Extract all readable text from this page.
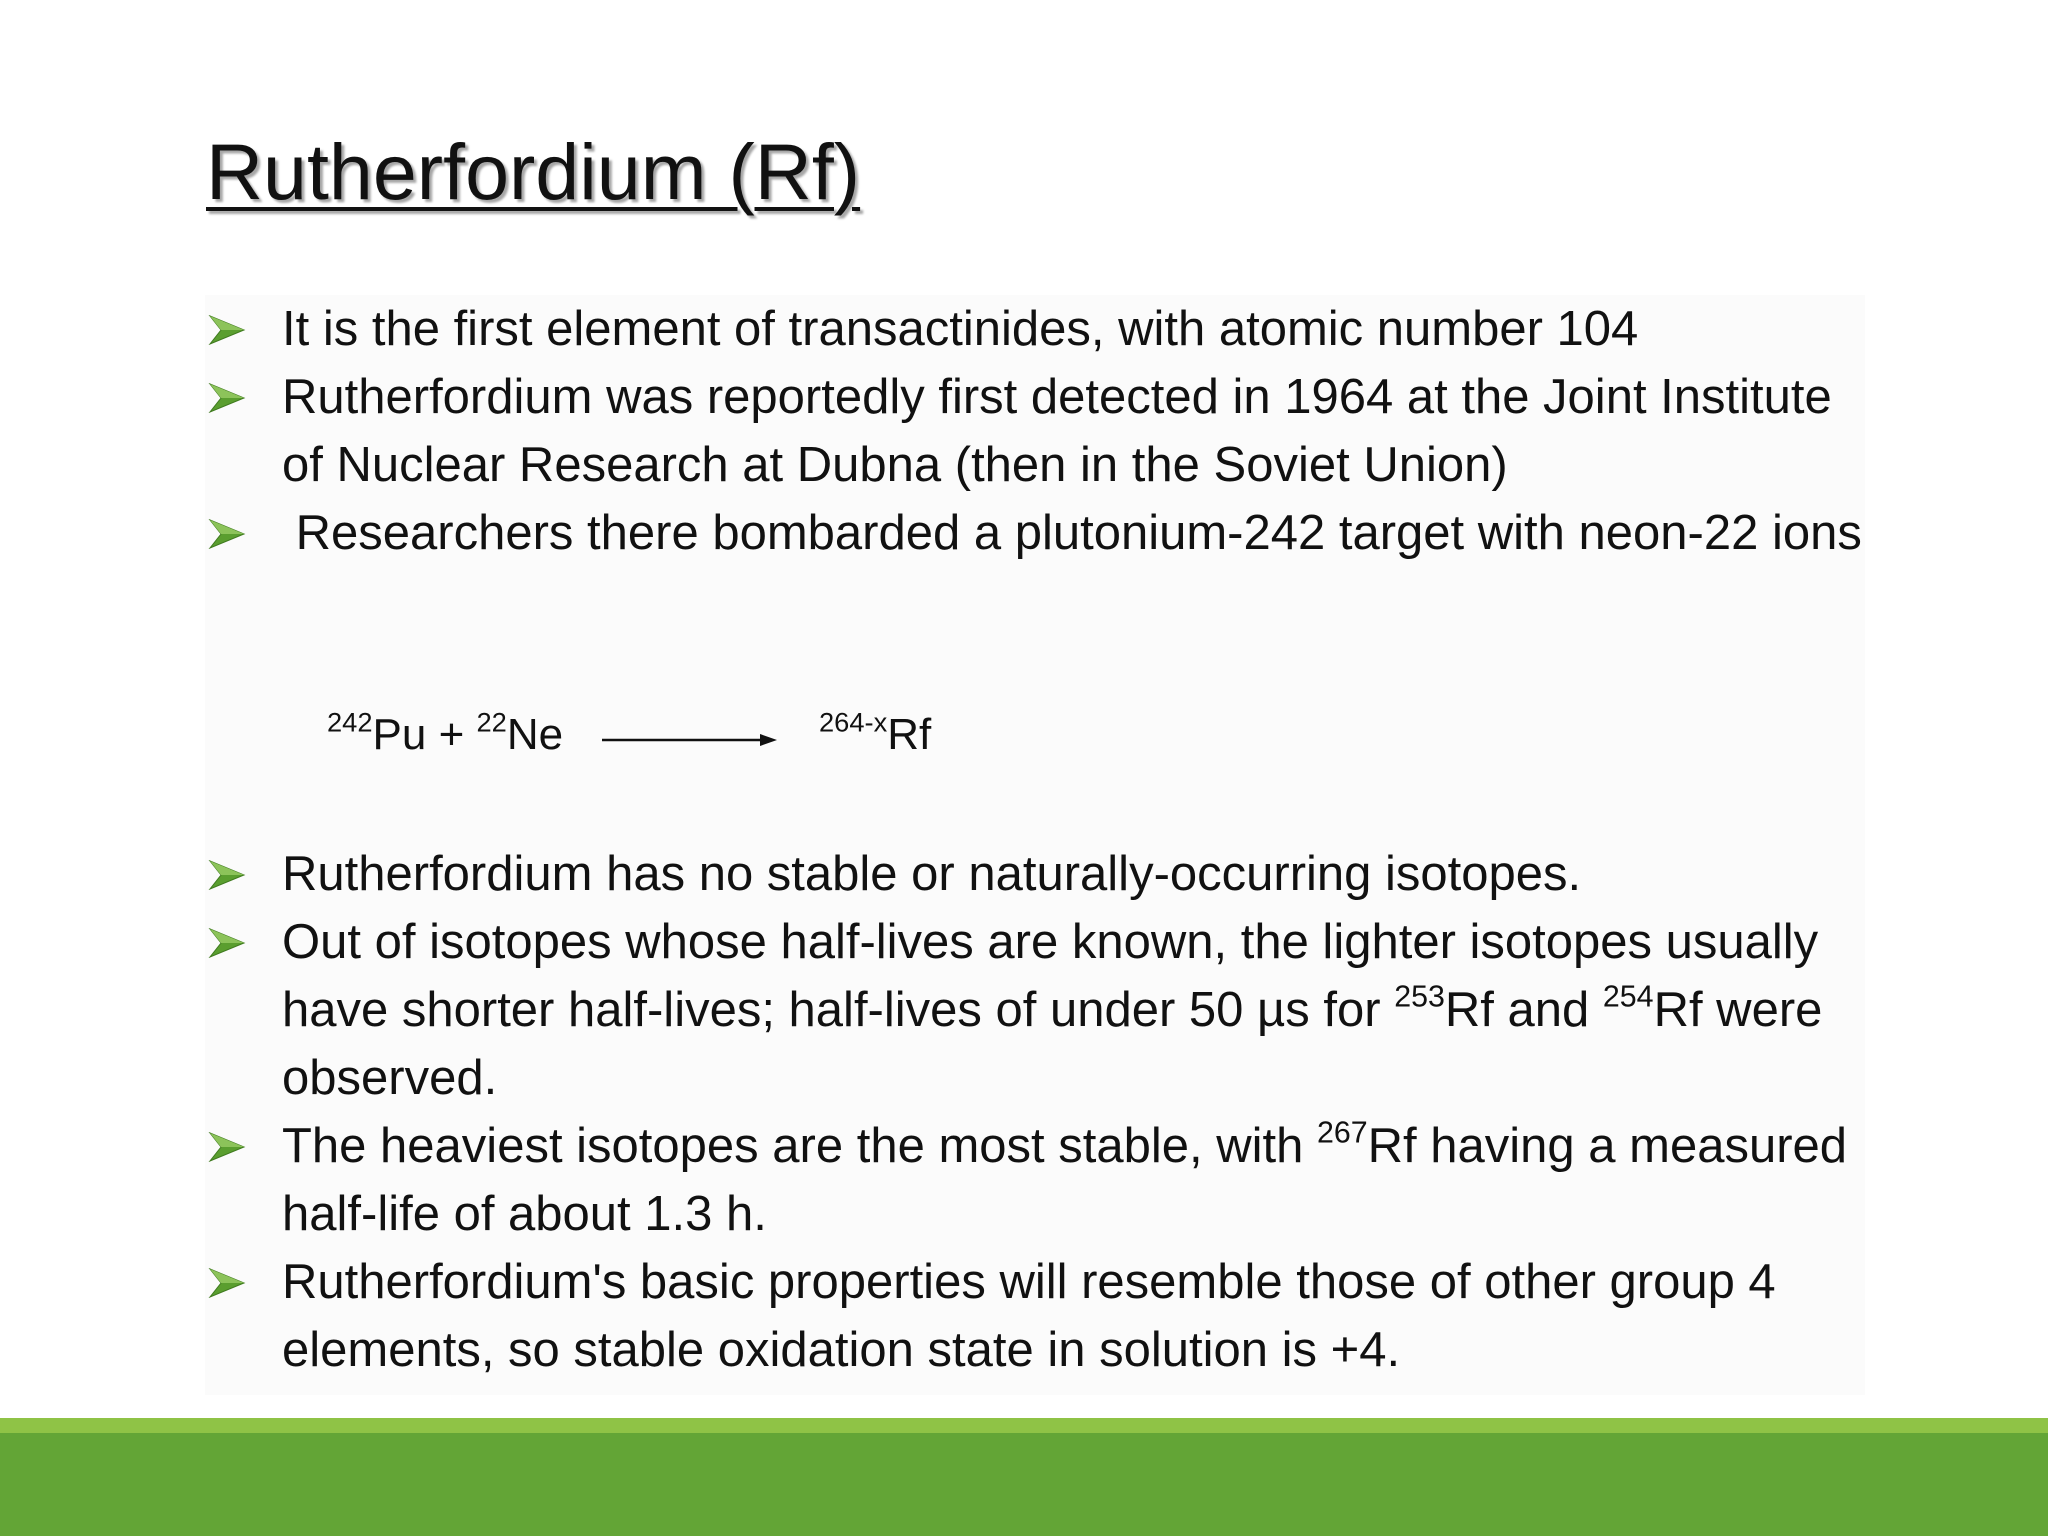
Rutherfordium (Rf)
It is the first element of transactinides, with atomic number 104
Rutherfordium was reportedly first detected in 1964 at the Joint Institute of Nuclear Research at Dubna (then in the Soviet Union)
Researchers there bombarded a plutonium-242 target with neon-22 ions
$^{242}$Pu + $^{22}$Ne →
$^{264-x}$Rf
Rutherfordium has no stable or naturally-occurring isotopes.
Out of isotopes whose half-lives are known, the lighter isotopes usually have shorter half-lives; half-lives of under 50 µs for $^{253}$Rf and $^{254}$Rf were observed.
The heaviest isotopes are the most stable, with $^{267}$Rf having a measured half-life of about 1.3 h.
Rutherfordium's basic properties will resemble those of other group 4 elements, so stable oxidation state in solution is +4.
